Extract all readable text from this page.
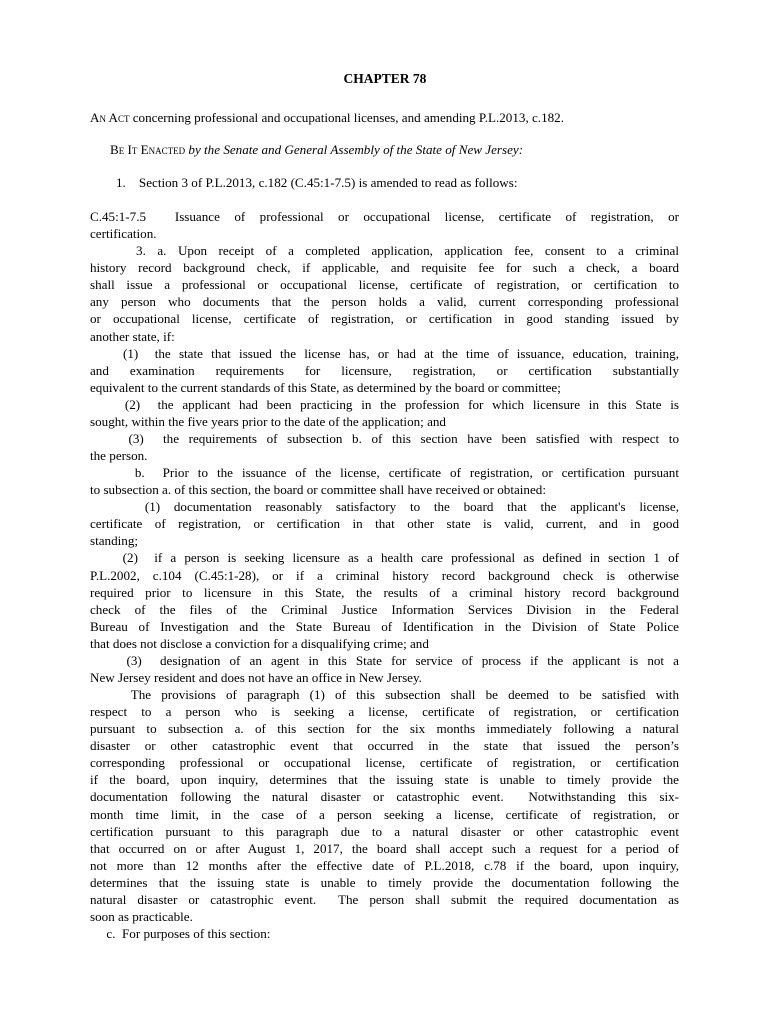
CHAPTER 78
An Act concerning professional and occupational licenses, and amending P.L.2013, c.182.
Be It Enacted by the Senate and General Assembly of the State of New Jersey:
1.    Section 3 of P.L.2013, c.182 (C.45:1-7.5) is amended to read as follows:
C.45:1-7.5  Issuance of professional or occupational license, certificate of registration, or
certification.
3. a. Upon receipt of a completed application, application fee, consent to a criminal
history record background check, if applicable, and requisite fee for such a check, a board
shall issue a professional or occupational license, certificate of registration, or certification to
any person who documents that the person holds a valid, current corresponding professional
or occupational license, certificate of registration, or certification in good standing issued by
another state, if:
(1)  the state that issued the license has, or had at the time of issuance, education, training,
and examination requirements for licensure, registration, or certification substantially
equivalent to the current standards of this State, as determined by the board or committee;
(2)  the applicant had been practicing in the profession for which licensure in this State is
sought, within the five years prior to the date of the application; and
(3)  the requirements of subsection b. of this section have been satisfied with respect to
the person.
b.  Prior to the issuance of the license, certificate of registration, or certification pursuant
to subsection a. of this section, the board or committee shall have received or obtained:
(1) documentation reasonably satisfactory to the board that the applicant's license,
certificate of registration, or certification in that other state is valid, current, and in good
standing;
(2)  if a person is seeking licensure as a health care professional as defined in section 1 of
P.L.2002, c.104 (C.45:1-28), or if a criminal history record background check is otherwise
required prior to licensure in this State, the results of a criminal history record background
check of the files of the Criminal Justice Information Services Division in the Federal
Bureau of Investigation and the State Bureau of Identification in the Division of State Police
that does not disclose a conviction for a disqualifying crime; and
(3)  designation of an agent in this State for service of process if the applicant is not a
New Jersey resident and does not have an office in New Jersey.
The provisions of paragraph (1) of this subsection shall be deemed to be satisfied with
respect to a person who is seeking a license, certificate of registration, or certification
pursuant to subsection a. of this section for the six months immediately following a natural
disaster or other catastrophic event that occurred in the state that issued the person’s
corresponding professional or occupational license, certificate of registration, or certification
if the board, upon inquiry, determines that the issuing state is unable to timely provide the
documentation following the natural disaster or catastrophic event.  Notwithstanding this six-
month time limit, in the case of a person seeking a license, certificate of registration, or
certification pursuant to this paragraph due to a natural disaster or other catastrophic event
that occurred on or after August 1, 2017, the board shall accept such a request for a period of
not more than 12 months after the effective date of P.L.2018, c.78 if the board, upon inquiry,
determines that the issuing state is unable to timely provide the documentation following the
natural disaster or catastrophic event.  The person shall submit the required documentation as
soon as practicable.
c.  For purposes of this section:
